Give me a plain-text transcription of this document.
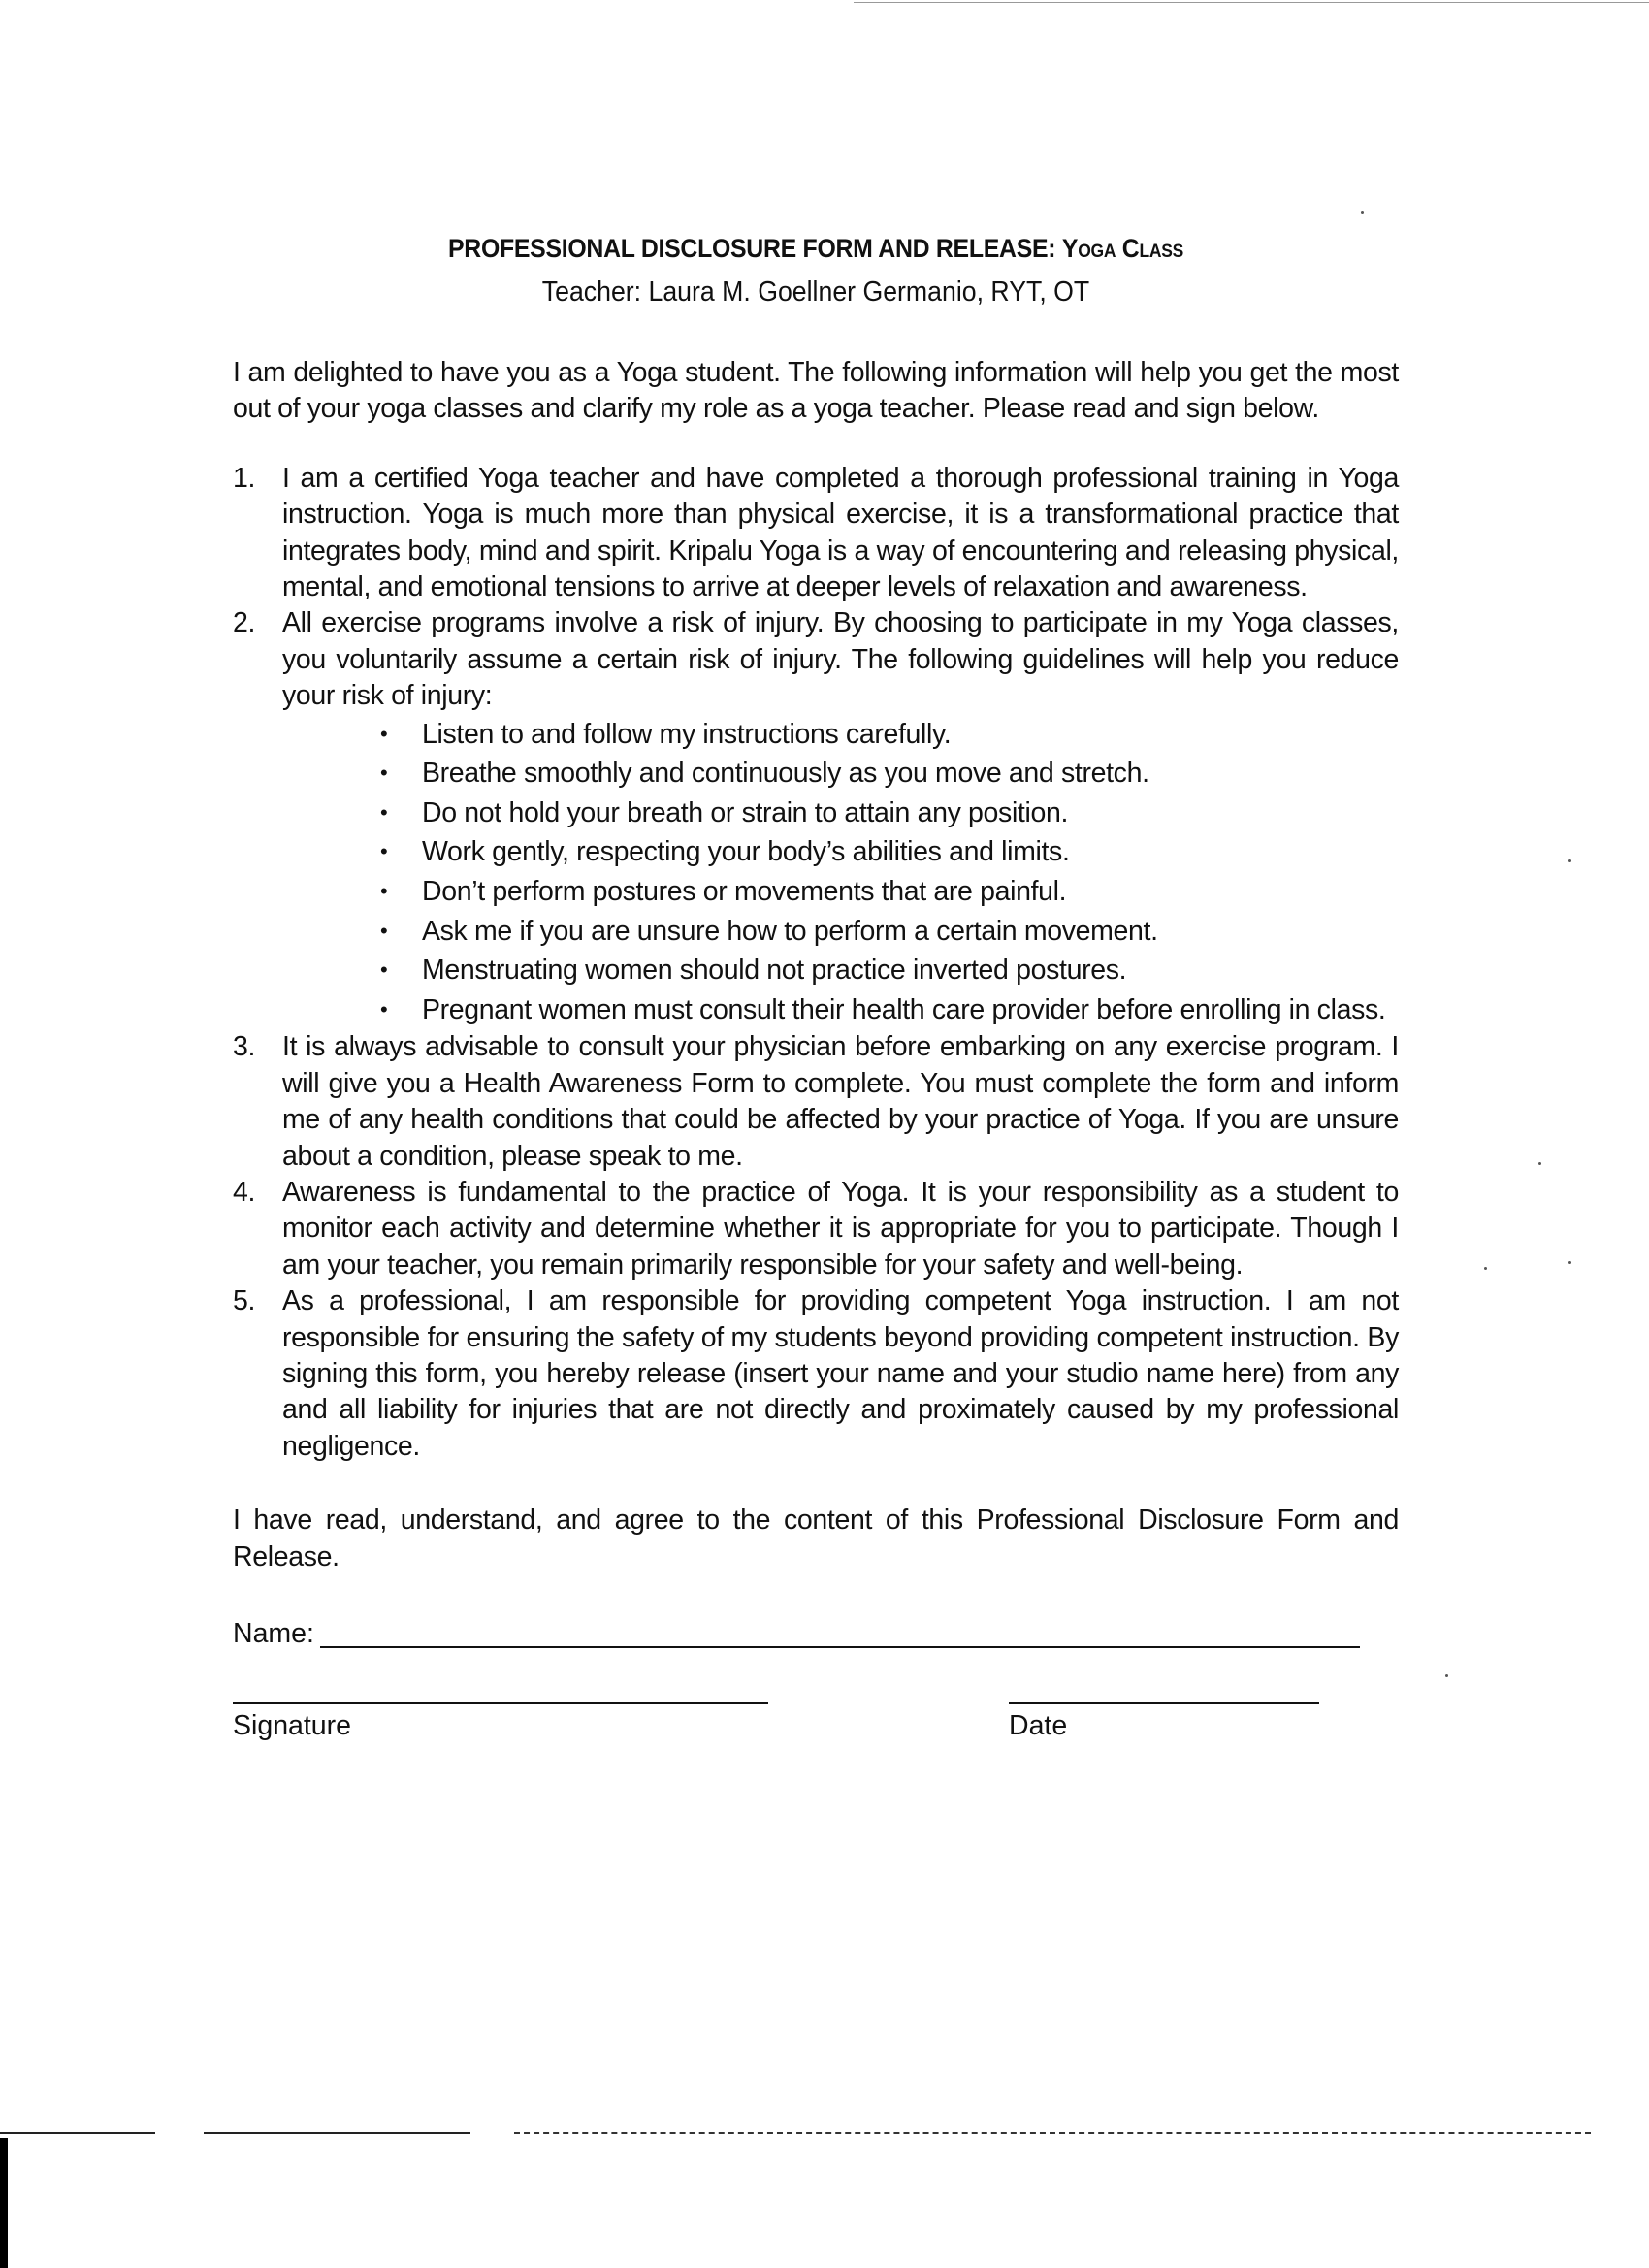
PROFESSIONAL DISCLOSURE FORM AND RELEASE: Yoga Class

Teacher: Laura M. Goellner Germanio, RYT, OT

I am delighted to have you as a Yoga student. The following information will help you get the most out of your yoga classes and clarify my role as a yoga teacher. Please read and sign below.

1. I am a certified Yoga teacher and have completed a thorough professional training in Yoga instruction. Yoga is much more than physical exercise, it is a transformational practice that integrates body, mind and spirit. Kripalu Yoga is a way of encountering and releasing physical, mental, and emotional tensions to arrive at deeper levels of relaxation and awareness.
2. All exercise programs involve a risk of injury. By choosing to participate in my Yoga classes, you voluntarily assume a certain risk of injury. The following guidelines will help you reduce your risk of injury:
• Listen to and follow my instructions carefully.
• Breathe smoothly and continuously as you move and stretch.
• Do not hold your breath or strain to attain any position.
• Work gently, respecting your body’s abilities and limits.
• Don’t perform postures or movements that are painful.
• Ask me if you are unsure how to perform a certain movement.
• Menstruating women should not practice inverted postures.
• Pregnant women must consult their health care provider before enrolling in class.
3. It is always advisable to consult your physician before embarking on any exercise program. I will give you a Health Awareness Form to complete. You must complete the form and inform me of any health conditions that could be affected by your practice of Yoga. If you are unsure about a condition, please speak to me.
4. Awareness is fundamental to the practice of Yoga. It is your responsibility as a student to monitor each activity and determine whether it is appropriate for you to participate. Though I am your teacher, you remain primarily responsible for your safety and well-being.
5. As a professional, I am responsible for providing competent Yoga instruction. I am not responsible for ensuring the safety of my students beyond providing competent instruction. By signing this form, you hereby release (insert your name and your studio name here) from any and all liability for injuries that are not directly and proximately caused by my professional negligence.

I have read, understand, and agree to the content of this Professional Disclosure Form and Release.

Name:
Signature	Date
